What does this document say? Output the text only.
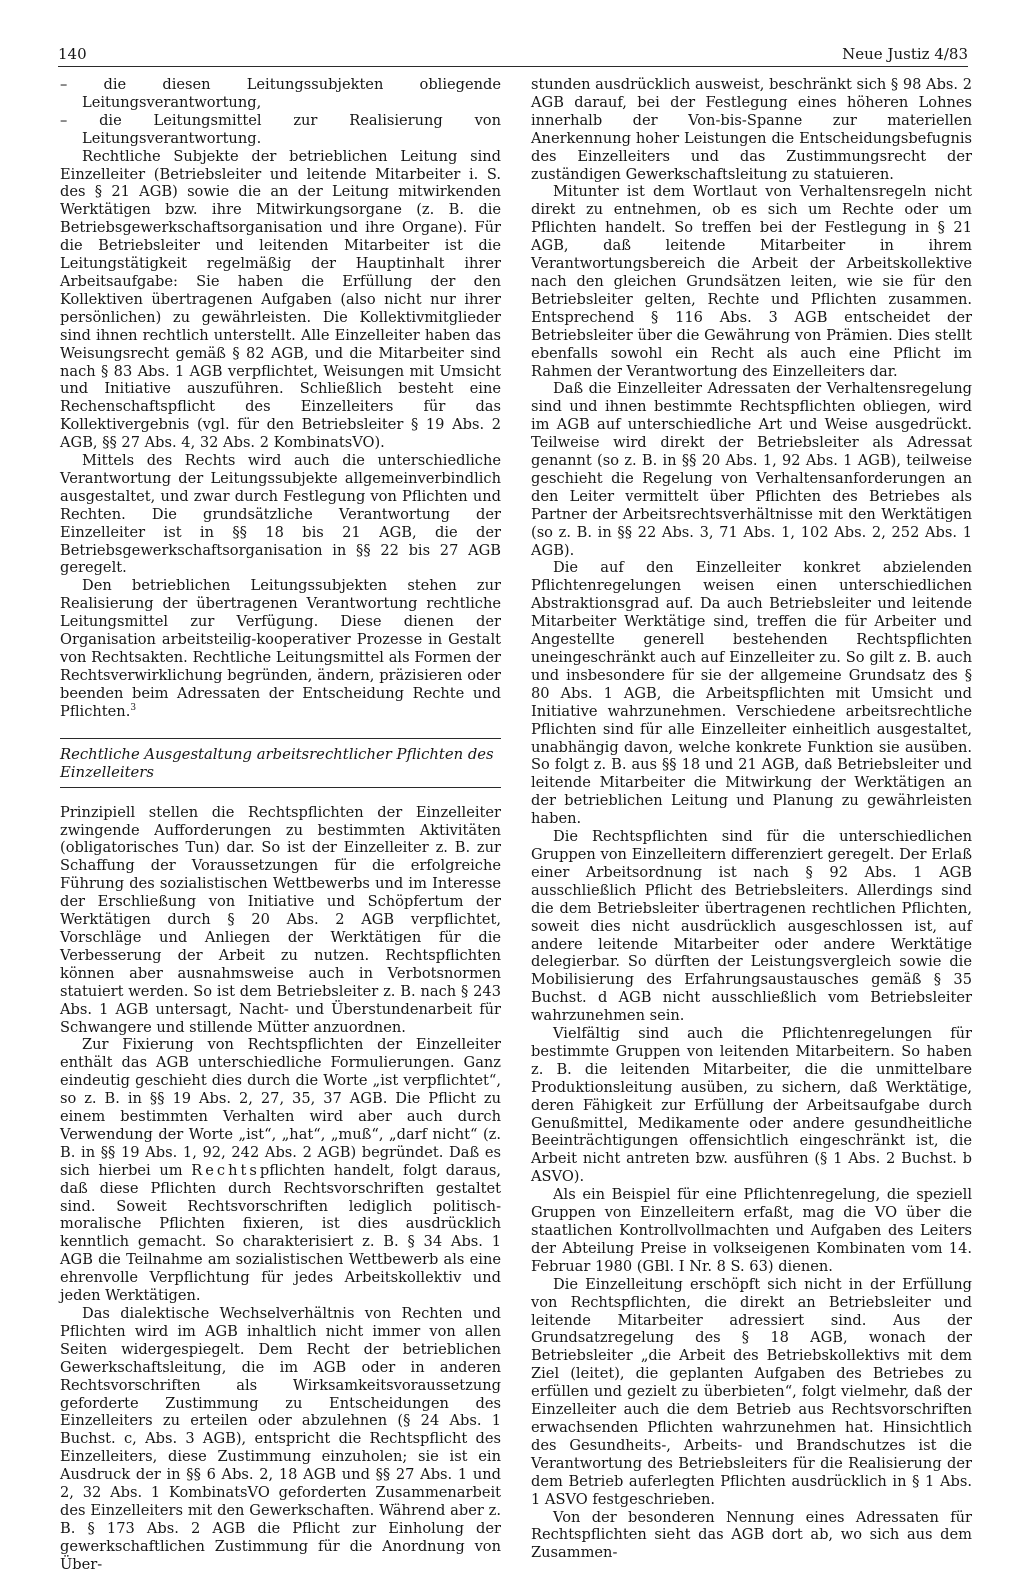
140	Neue Justiz 4/83

– die diesen Leitungssubjekten obliegende Leitungsverantwortung,

– die Leitungsmittel zur Realisierung von Leitungsverantwortung.

Rechtliche Subjekte der betrieblichen Leitung sind Einzelleiter (Betriebsleiter und leitende Mitarbeiter i. S. des § 21 AGB) sowie die an der Leitung mitwirkenden Werktätigen bzw. ihre Mitwirkungsorgane (z. B. die Betriebsgewerkschaftsorganisation und ihre Organe). Für die Betriebsleiter und leitenden Mitarbeiter ist die Leitungstätigkeit regelmäßig der Hauptinhalt ihrer Arbeitsaufgabe: Sie haben die Erfüllung der den Kollektiven übertragenen Aufgaben (also nicht nur ihrer persönlichen) zu gewährleisten. Die Kollektivmitglieder sind ihnen rechtlich unterstellt. Alle Einzelleiter haben das Weisungsrecht gemäß § 82 AGB, und die Mitarbeiter sind nach § 83 Abs. 1 AGB verpflichtet, Weisungen mit Umsicht und Initiative auszuführen. Schließlich besteht eine Rechenschaftspflicht des Einzelleiters für das Kollektivergebnis (vgl. für den Betriebsleiter § 19 Abs. 2 AGB, §§ 27 Abs. 4, 32 Abs. 2 KombinatsVO).

Mittels des Rechts wird auch die unterschiedliche Verantwortung der Leitungssubjekte allgemeinverbindlich ausgestaltet, und zwar durch Festlegung von Pflichten und Rechten. Die grundsätzliche Verantwortung der Einzelleiter ist in §§ 18 bis 21 AGB, die der Betriebsgewerkschaftsorganisation in §§ 22 bis 27 AGB geregelt.

Den betrieblichen Leitungssubjekten stehen zur Realisierung der übertragenen Verantwortung rechtliche Leitungsmittel zur Verfügung. Diese dienen der Organisation arbeitsteilig-kooperativer Prozesse in Gestalt von Rechtsakten. Rechtliche Leitungsmittel als Formen der Rechtsverwirklichung begründen, ändern, präzisieren oder beenden beim Adressaten der Entscheidung Rechte und Pflichten.$^3$

Rechtliche Ausgestaltung arbeitsrechtlicher Pflichten des Einzelleiters

Prinzipiell stellen die Rechtspflichten der Einzelleiter zwingende Aufforderungen zu bestimmten Aktivitäten (obligatorisches Tun) dar. So ist der Einzelleiter z. B. zur Schaffung der Voraussetzungen für die erfolgreiche Führung des sozialistischen Wettbewerbs und im Interesse der Erschließung von Initiative und Schöpfertum der Werktätigen durch § 20 Abs. 2 AGB verpflichtet, Vorschläge und Anliegen der Werktätigen für die Verbesserung der Arbeit zu nutzen. Rechtspflichten können aber ausnahmsweise auch in Verbotsnormen statuiert werden. So ist dem Betriebsleiter z. B. nach § 243 Abs. 1 AGB untersagt, Nacht- und Überstundenarbeit für Schwangere und stillende Mütter anzuordnen.

Zur Fixierung von Rechtspflichten der Einzelleiter enthält das AGB unterschiedliche Formulierungen. Ganz eindeutig geschieht dies durch die Worte „ist verpflichtet“, so z. B. in §§ 19 Abs. 2, 27, 35, 37 AGB. Die Pflicht zu einem bestimmten Verhalten wird aber auch durch Verwendung der Worte „ist“, „hat“, „muß“, „darf nicht“ (z. B. in §§ 19 Abs. 1, 92, 242 Abs. 2 AGB) begründet. Daß es sich hierbei um Rechtspflichten handelt, folgt daraus, daß diese Pflichten durch Rechtsvorschriften gestaltet sind. Soweit Rechtsvorschriften lediglich politisch-moralische Pflichten fixieren, ist dies ausdrücklich kenntlich gemacht. So charakterisiert z. B. § 34 Abs. 1 AGB die Teilnahme am sozialistischen Wettbewerb als eine ehrenvolle Verpflichtung für jedes Arbeitskollektiv und jeden Werktätigen.

Das dialektische Wechselverhältnis von Rechten und Pflichten wird im AGB inhaltlich nicht immer von allen Seiten widergespiegelt. Dem Recht der betrieblichen Gewerkschaftsleitung, die im AGB oder in anderen Rechtsvorschriften als Wirksamkeitsvoraussetzung geforderte Zustimmung zu Entscheidungen des Einzelleiters zu erteilen oder abzulehnen (§ 24 Abs. 1 Buchst. c, Abs. 3 AGB), entspricht die Rechtspflicht des Einzelleiters, diese Zustimmung einzuholen; sie ist ein Ausdruck der in §§ 6 Abs. 2, 18 AGB und §§ 27 Abs. 1 und 2, 32 Abs. 1 KombinatsVO geforderten Zusammenarbeit des Einzelleiters mit den Gewerkschaften. Während aber z. B. § 173 Abs. 2 AGB die Pflicht zur Einholung der gewerkschaftlichen Zustimmung für die Anordnung von Über-

stunden ausdrücklich ausweist, beschränkt sich § 98 Abs. 2 AGB darauf, bei der Festlegung eines höheren Lohnes innerhalb der Von-bis-Spanne zur materiellen Anerkennung hoher Leistungen die Entscheidungsbefugnis des Einzelleiters und das Zustimmungsrecht der zuständigen Gewerkschaftsleitung zu statuieren.

Mitunter ist dem Wortlaut von Verhaltensregeln nicht direkt zu entnehmen, ob es sich um Rechte oder um Pflichten handelt. So treffen bei der Festlegung in § 21 AGB, daß leitende Mitarbeiter in ihrem Verantwortungsbereich die Arbeit der Arbeitskollektive nach den gleichen Grundsätzen leiten, wie sie für den Betriebsleiter gelten, Rechte und Pflichten zusammen. Entsprechend § 116 Abs. 3 AGB entscheidet der Betriebsleiter über die Gewährung von Prämien. Dies stellt ebenfalls sowohl ein Recht als auch eine Pflicht im Rahmen der Verantwortung des Einzelleiters dar.

Daß die Einzelleiter Adressaten der Verhaltensregelung sind und ihnen bestimmte Rechtspflichten obliegen, wird im AGB auf unterschiedliche Art und Weise ausgedrückt. Teilweise wird direkt der Betriebsleiter als Adressat genannt (so z. B. in §§ 20 Abs. 1, 92 Abs. 1 AGB), teilweise geschieht die Regelung von Verhaltensanforderungen an den Leiter vermittelt über Pflichten des Betriebes als Partner der Arbeitsrechtsverhältnisse mit den Werktätigen (so z. B. in §§ 22 Abs. 3, 71 Abs. 1, 102 Abs. 2, 252 Abs. 1 AGB).

Die auf den Einzelleiter konkret abzielenden Pflichtenregelungen weisen einen unterschiedlichen Abstraktionsgrad auf. Da auch Betriebsleiter und leitende Mitarbeiter Werktätige sind, treffen die für Arbeiter und Angestellte generell bestehenden Rechtspflichten uneingeschränkt auch auf Einzelleiter zu. So gilt z. B. auch und insbesondere für sie der allgemeine Grundsatz des § 80 Abs. 1 AGB, die Arbeitspflichten mit Umsicht und Initiative wahrzunehmen. Verschiedene arbeitsrechtliche Pflichten sind für alle Einzelleiter einheitlich ausgestaltet, unabhängig davon, welche konkrete Funktion sie ausüben. So folgt z. B. aus §§ 18 und 21 AGB, daß Betriebsleiter und leitende Mitarbeiter die Mitwirkung der Werktätigen an der betrieblichen Leitung und Planung zu gewährleisten haben.

Die Rechtspflichten sind für die unterschiedlichen Gruppen von Einzelleitern differenziert geregelt. Der Erlaß einer Arbeitsordnung ist nach § 92 Abs. 1 AGB ausschließlich Pflicht des Betriebsleiters. Allerdings sind die dem Betriebsleiter übertragenen rechtlichen Pflichten, soweit dies nicht ausdrücklich ausgeschlossen ist, auf andere leitende Mitarbeiter oder andere Werktätige delegierbar. So dürften der Leistungsvergleich sowie die Mobilisierung des Erfahrungsaustausches gemäß § 35 Buchst. d AGB nicht ausschließlich vom Betriebsleiter wahrzunehmen sein.

Vielfältig sind auch die Pflichtenregelungen für bestimmte Gruppen von leitenden Mitarbeitern. So haben z. B. die leitenden Mitarbeiter, die die unmittelbare Produktionsleitung ausüben, zu sichern, daß Werktätige, deren Fähigkeit zur Erfüllung der Arbeitsaufgabe durch Genußmittel, Medikamente oder andere gesundheitliche Beeinträchtigungen offensichtlich eingeschränkt ist, die Arbeit nicht antreten bzw. ausführen (§ 1 Abs. 2 Buchst. b ASVO).

Als ein Beispiel für eine Pflichtenregelung, die speziell Gruppen von Einzelleitern erfaßt, mag die VO über die staatlichen Kontrollvollmachten und Aufgaben des Leiters der Abteilung Preise in volkseigenen Kombinaten vom 14. Februar 1980 (GBl. I Nr. 8 S. 63) dienen.

Die Einzelleitung erschöpft sich nicht in der Erfüllung von Rechtspflichten, die direkt an Betriebsleiter und leitende Mitarbeiter adressiert sind. Aus der Grundsatzregelung des § 18 AGB, wonach der Betriebsleiter „die Arbeit des Betriebskollektivs mit dem Ziel (leitet), die geplanten Aufgaben des Betriebes zu erfüllen und gezielt zu überbieten“, folgt vielmehr, daß der Einzelleiter auch die dem Betrieb aus Rechtsvorschriften erwachsenden Pflichten wahrzunehmen hat. Hinsichtlich des Gesundheits-, Arbeits- und Brandschutzes ist die Verantwortung des Betriebsleiters für die Realisierung der dem Betrieb auferlegten Pflichten ausdrücklich in § 1 Abs. 1 ASVO festgeschrieben.

Von der besonderen Nennung eines Adressaten für Rechtspflichten sieht das AGB dort ab, wo sich aus dem Zusammen-
